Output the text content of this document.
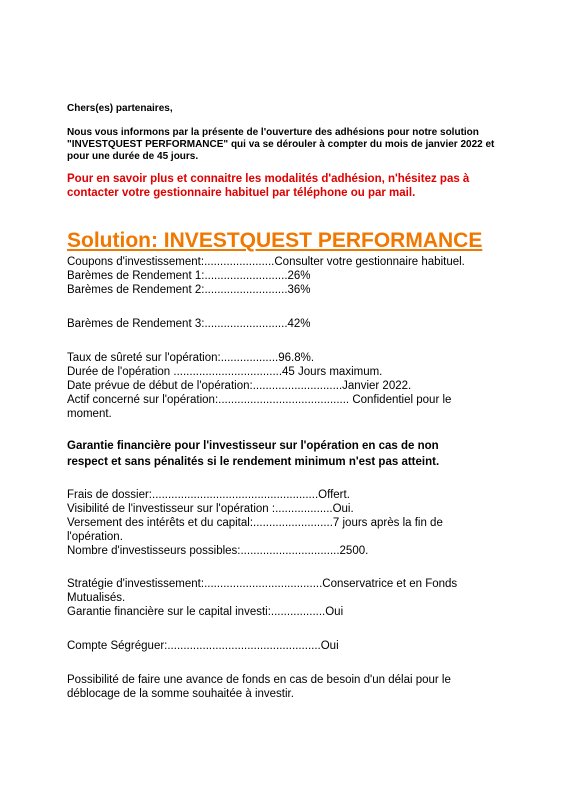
Chers(es) partenaires,
Nous vous informons par la présente de l'ouverture des adhésions pour notre solution
"INVESTQUEST PERFORMANCE" qui va se dérouler à compter du mois de janvier 2022 et
pour une durée de 45 jours.
Pour en savoir plus et connaitre les modalités d'adhésion, n'hésitez pas à
contacter votre gestionnaire habituel par téléphone ou par mail.
Solution: INVESTQUEST PERFORMANCE
Coupons d'investissement:......................Consulter votre gestionnaire habituel.
Barèmes de Rendement 1:..........................26%
Barèmes de Rendement 2:..........................36%
Barèmes de Rendement 3:..........................42%
Taux de sûreté sur l'opération:..................96.8%.
Durée de l'opération ..................................45 Jours maximum.
Date prévue de début de l'opération:............................Janvier 2022.
Actif concerné sur l'opération:......................................... Confidentiel pour le
moment.
Garantie financière pour l'investisseur sur l'opération en cas de non
respect et sans pénalités si le rendement minimum n'est pas atteint.
Frais de dossier:....................................................Offert.
Visibilité de l'investisseur sur l'opération :..................Oui.
Versement des intérêts et du capital:.........................7 jours après la fin de
l'opération.
Nombre d'investisseurs possibles:...............................2500.
Stratégie d'investissement:.....................................Conservatrice et en Fonds
Mutualisés.
Garantie financière sur le capital investi:.................Oui
Compte Ségréguer:................................................Oui
Possibilité de faire une avance de fonds en cas de besoin d'un délai pour le
déblocage de la somme souhaitée à investir.
